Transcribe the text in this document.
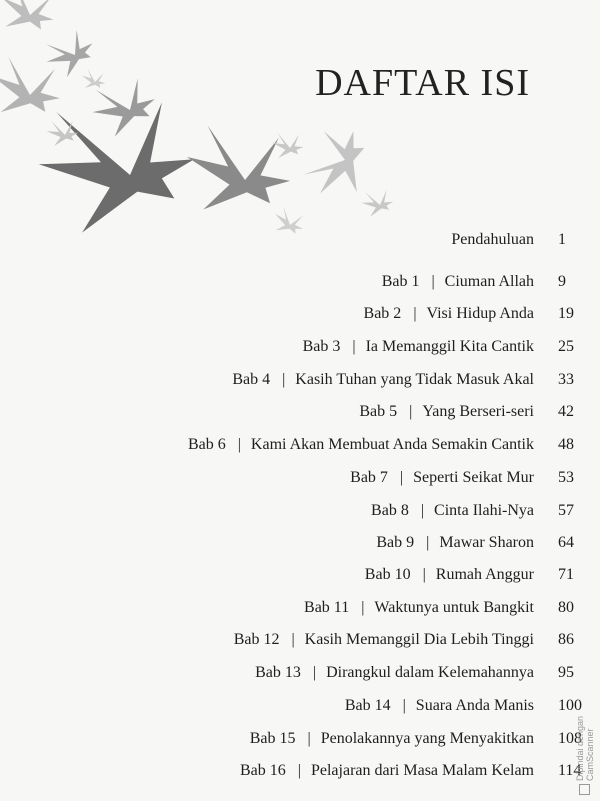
DAFTAR ISI
Pendahuluan	1
Bab 1 | Ciuman Allah	9
Bab 2 | Visi Hidup Anda	19
Bab 3 | Ia Memanggil Kita Cantik	25
Bab 4 | Kasih Tuhan yang Tidak Masuk Akal	33
Bab 5 | Yang Berseri-seri	42
Bab 6 | Kami Akan Membuat Anda Semakin Cantik	48
Bab 7 | Seperti Seikat Mur	53
Bab 8 | Cinta Ilahi-Nya	57
Bab 9 | Mawar Sharon	64
Bab 10 | Rumah Anggur	71
Bab 11 | Waktunya untuk Bangkit	80
Bab 12 | Kasih Memanggil Dia Lebih Tinggi	86
Bab 13 | Dirangkul dalam Kelemahannya	95
Bab 14 | Suara Anda Manis	100
Bab 15 | Penolakannya yang Menyakitkan	108
Bab 16 | Pelajaran dari Masa Malam Kelam	114
Dipindai dengan CamScanner
